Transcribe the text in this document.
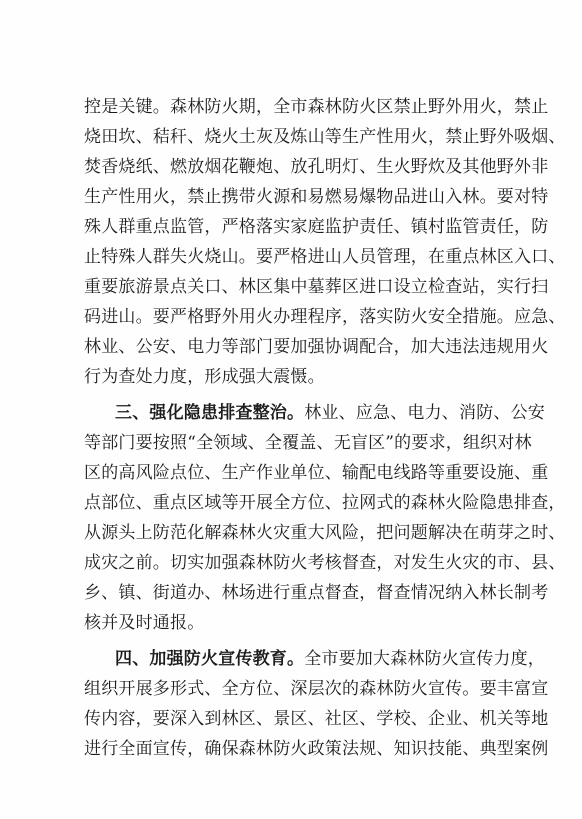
控是关键。森林防火期，全市森林防火区禁止野外用火，禁止
烧田坎、秸秆、烧火土灰及炼山等生产性用火，禁止野外吸烟、
焚香烧纸、燃放烟花鞭炮、放孔明灯、生火野炊及其他野外非
生产性用火，禁止携带火源和易燃易爆物品进山入林。要对特
殊人群重点监管，严格落实家庭监护责任、镇村监管责任，防
止特殊人群失火烧山。要严格进山人员管理，在重点林区入口、
重要旅游景点关口、林区集中墓葬区进口设立检查站，实行扫
码进山。要严格野外用火办理程序，落实防火安全措施。应急、
林业、公安、电力等部门要加强协调配合，加大违法违规用火
行为查处力度，形成强大震慑。
三、强化隐患排查整治。林业、应急、电力、消防、公安
等部门要按照“全领域、全覆盖、无盲区”的要求，组织对林
区的高风险点位、生产作业单位、输配电线路等重要设施、重
点部位、重点区域等开展全方位、拉网式的森林火险隐患排查，
从源头上防范化解森林火灾重大风险，把问题解决在萌芽之时、
成灾之前。切实加强森林防火考核督查，对发生火灾的市、县、
乡、镇、街道办、林场进行重点督查，督查情况纳入林长制考
核并及时通报。
四、加强防火宣传教育。全市要加大森林防火宣传力度，
组织开展多形式、全方位、深层次的森林防火宣传。要丰富宣
传内容，要深入到林区、景区、社区、学校、企业、机关等地
进行全面宣传，确保森林防火政策法规、知识技能、典型案例
